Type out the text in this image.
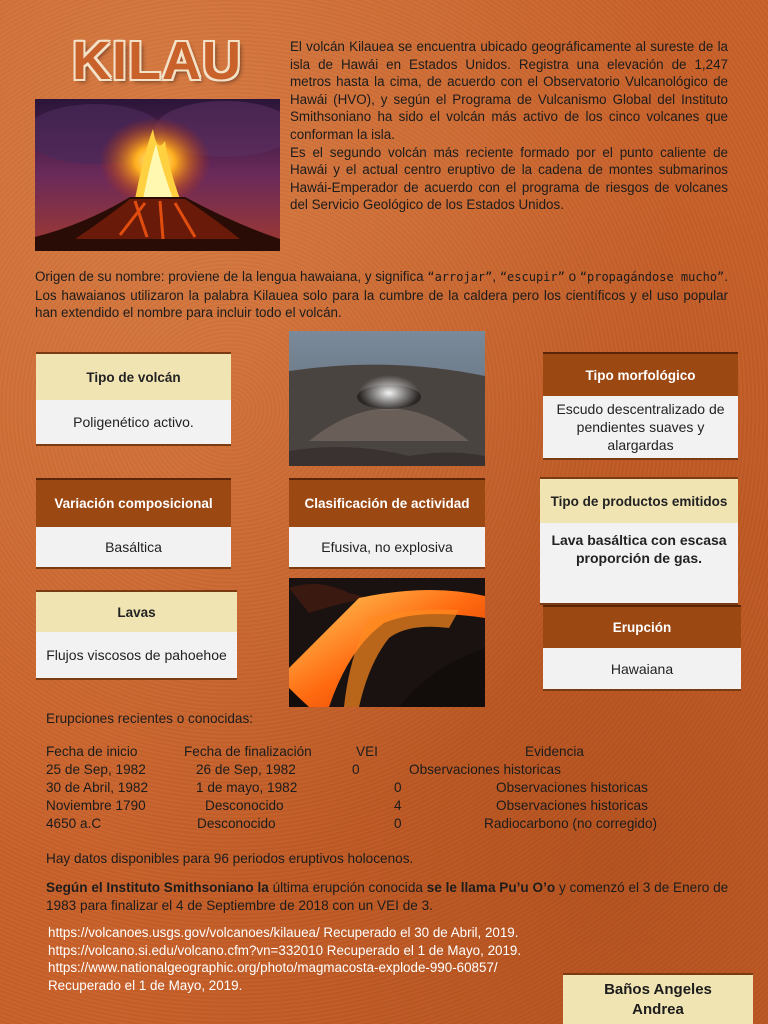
KILAU	El volcán Kilauea se encuentra ubicado geográficamente al sureste de la isla de Hawái en Estados Unidos. Registra una elevación de 1,247 metros hasta la cima, de acuerdo con el Observatorio Vulcanológico de Hawái (HVO), y según el Programa de Vulcanismo Global del Instituto Smithsoniano ha sido el volcán más activo de los cinco volcanes que conforman la isla.

Es el segundo volcán más reciente formado por el punto caliente de Hawái y el actual centro eruptivo de la cadena de montes submarinos Hawái-Emperador de acuerdo con el programa de riesgos de volcanes del Servicio Geológico de los Estados Unidos.

Origen de su nombre: proviene de la lengua hawaiana, y significa “arrojar”, “escupir” o “propagándose mucho”. Los hawaianos utilizaron la palabra Kilauea solo para la cumbre de la caldera pero los científicos y el uso popular han extendido el nombre para incluir todo el volcán.
Tipo de volcán
Poligenético activo.
Variación composicional
Basáltica
Lavas
Flujos viscosos de pahoehoe
Clasificación de actividad
Efusiva, no explosiva
Tipo morfológico
Escudo descentralizado de pendientes suaves y alargardas
Tipo de productos emitidos
Lava basáltica con escasa proporción de gas.
Erupción
Hawaiana
Erupciones recientes o conocidas:
Fecha de inicio	Fecha de finalización	VEI	Evidencia
25 de Sep, 1982	26 de Sep, 1982	0	Observaciones historicas
30 de Abril, 1982	1 de mayo, 1982	0	Observaciones historicas
Noviembre 1790	Desconocido	4	Observaciones historicas
4650 a.C	Desconocido	0	Radiocarbono (no corregido)
Hay datos disponibles para 96 periodos eruptivos holocenos.
Según el Instituto Smithsoniano la última erupción conocida se le llama Pu’u O’o y comenzó el 3 de Enero de 1983 para finalizar el 4 de Septiembre de 2018 con un VEI de 3.
https://volcanoes.usgs.gov/volcanoes/kilauea/ Recuperado el 30 de Abril, 2019.
https://volcano.si.edu/volcano.cfm?vn=332010 Recuperado el 1 de Mayo, 2019.
https://www.nationalgeographic.org/photo/magmacosta-explode-990-60857/
Recuperado el 1 de Mayo, 2019.	Baños Angeles
Andrea
